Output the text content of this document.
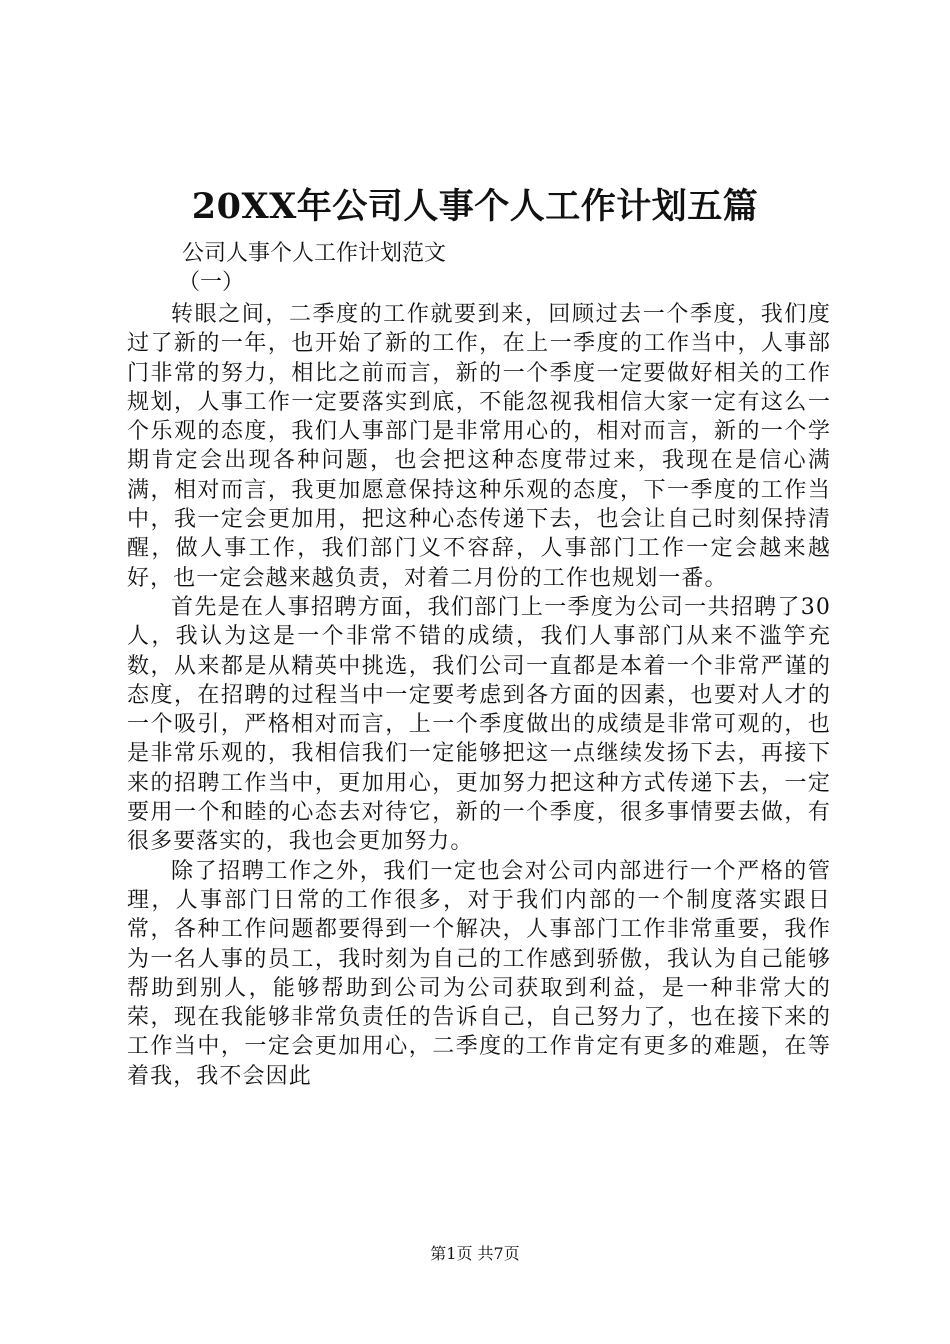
20XX年公司人事个人工作计划五篇
公司人事个人工作计划范文
（一）

转眼之间，二季度的工作就要到来，回顾过去一个季度，我们度过了新的一年，也开始了新的工作，在上一季度的工作当中，人事部门非常的努力，相比之前而言，新的一个季度一定要做好相关的工作规划，人事工作一定要落实到底，不能忽视我相信大家一定有这么一个乐观的态度，我们人事部门是非常用心的，相对而言，新的一个学期肯定会出现各种问题，也会把这种态度带过来，我现在是信心满满，相对而言，我更加愿意保持这种乐观的态度，下一季度的工作当中，我一定会更加用，把这种心态传递下去，也会让自己时刻保持清醒，做人事工作，我们部门义不容辞，人事部门工作一定会越来越好，也一定会越来越负责，对着二月份的工作也规划一番。

首先是在人事招聘方面，我们部门上一季度为公司一共招聘了30人，我认为这是一个非常不错的成绩，我们人事部门从来不滥竽充数，从来都是从精英中挑选，我们公司一直都是本着一个非常严谨的态度，在招聘的过程当中一定要考虑到各方面的因素，也要对人才的一个吸引，严格相对而言，上一个季度做出的成绩是非常可观的，也是非常乐观的，我相信我们一定能够把这一点继续发扬下去，再接下来的招聘工作当中，更加用心，更加努力把这种方式传递下去，一定要用一个和睦的心态去对待它，新的一个季度，很多事情要去做，有很多要落实的，我也会更加努力。

除了招聘工作之外，我们一定也会对公司内部进行一个严格的管理，人事部门日常的工作很多，对于我们内部的一个制度落实跟日常，各种工作问题都要得到一个解决，人事部门工作非常重要，我作为一名人事的员工，我时刻为自己的工作感到骄傲，我认为自己能够帮助到别人，能够帮助到公司为公司获取到利益，是一种非常大的荣，现在我能够非常负责任的告诉自己，自己努力了，也在接下来的工作当中，一定会更加用心，二季度的工作肯定有更多的难题，在等着我，我不会因此

第1页 共7页
